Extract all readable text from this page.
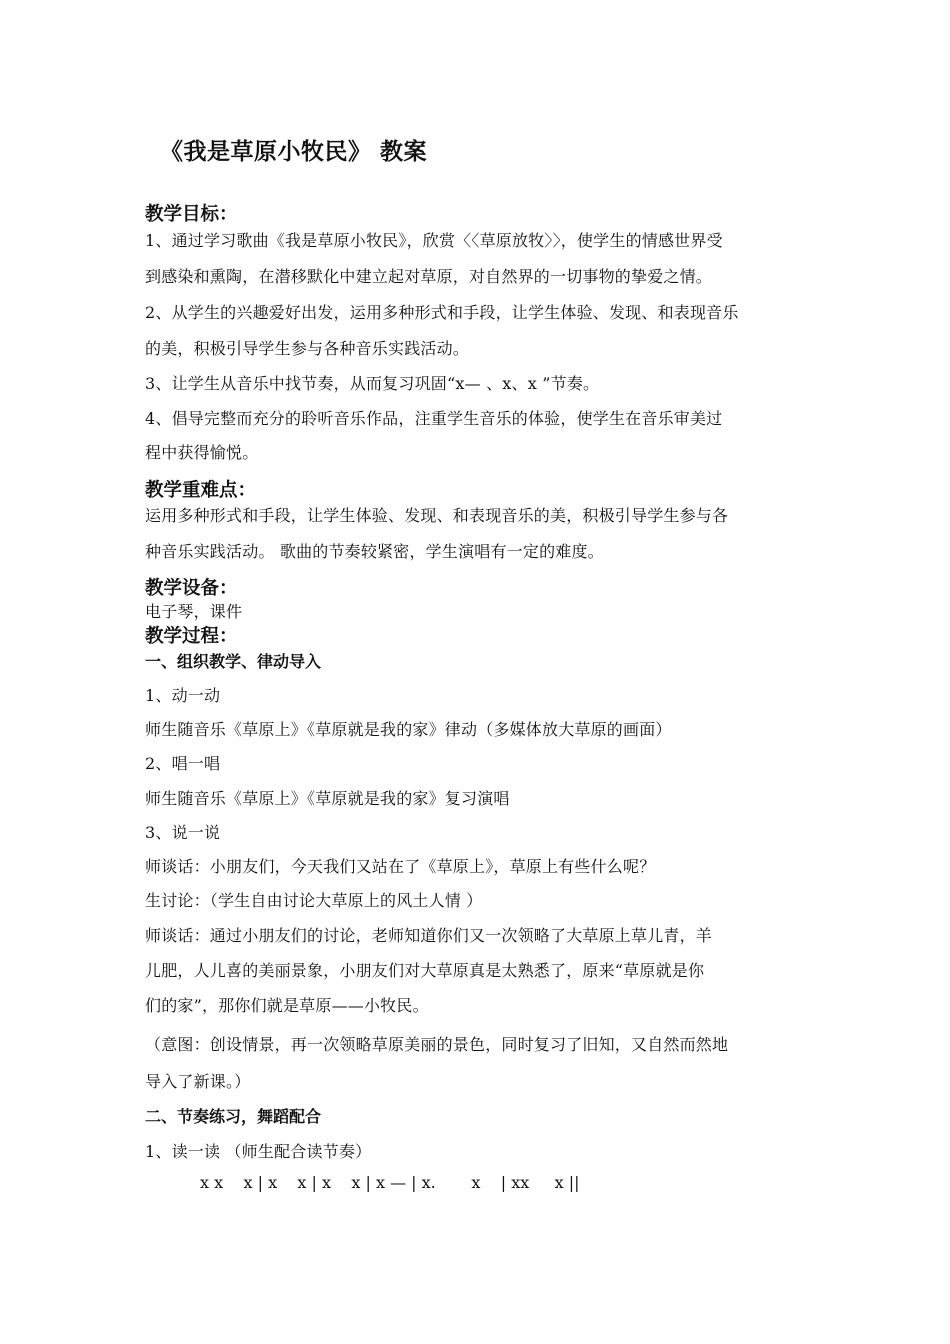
《我是草原小牧民》 教案
教学目标：
1、通过学习歌曲《我是草原小牧民》，欣赏〈〈草原放牧〉〉，使学生的情感世界受
到感染和熏陶，在潜移默化中建立起对草原，对自然界的一切事物的挚爱之情。
2、从学生的兴趣爱好出发，运用多种形式和手段，让学生体验、发现、和表现音乐
的美，积极引导学生参与各种音乐实践活动。
3、让学生从音乐中找节奏，从而复习巩固“x— 、x、x ”节奏。
4、倡导完整而充分的聆听音乐作品，注重学生音乐的体验，使学生在音乐审美过
程中获得愉悦。
教学重难点：
运用多种形式和手段，让学生体验、发现、和表现音乐的美，积极引导学生参与各
种音乐实践活动。 歌曲的节奏较紧密，学生演唱有一定的难度。
教学设备：
电子琴，课件
教学过程：
一、组织教学、律动导入
1、动一动
师生随音乐《草原上》《草原就是我的家》律动（多媒体放大草原的画面）
2、唱一唱
师生随音乐《草原上》《草原就是我的家》复习演唱
3、说一说
师谈话：小朋友们，今天我们又站在了《草原上》，草原上有些什么呢？
生讨论：（学生自由讨论大草原上的风土人情 ）
师谈话：通过小朋友们的讨论，老师知道你们又一次领略了大草原上草儿青，羊
儿肥，人儿喜的美丽景象，小朋友们对大草原真是太熟悉了，原来“草原就是你
们的家”，那你们就是草原——小牧民。
（意图：创设情景，再一次领略草原美丽的景色，同时复习了旧知，又自然而然地
导入了新课。）
二、节奏练习，舞蹈配合
1、读一读 （师生配合读节奏）
x x    x | x    x | x    x | x — | x.       x    | xx     x ||
